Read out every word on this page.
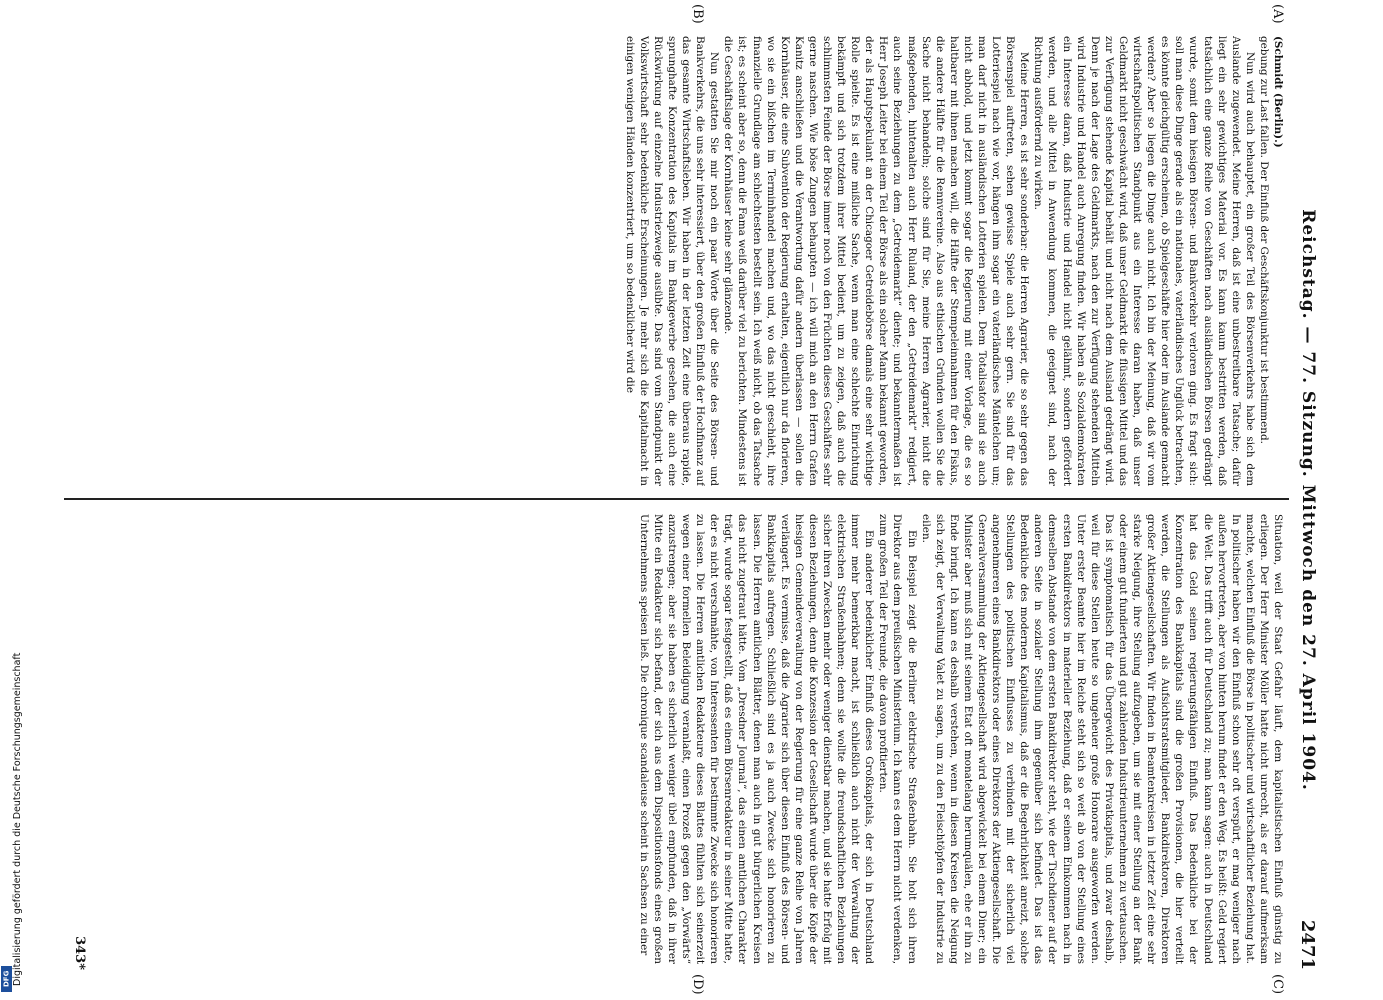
Digitalisierung gefördert durch die Deutsche Forschungsgemeinschaft
DFG
Reichstag. — 77. Sitzung. Mittwoch den 27. April 1904.
2471
(A)
(B)
(C)
(D)

(Schmidt (Berlin).)

gebung zur Last fallen. Der Einfluß der Geschäftskonjunktur ist bestimmend.

Nun wird auch behauptet, ein großer Teil des Börsenverkehrs habe sich dem Auslande zugewendet. Meine Herren, daß ist eine unbestreitbare Tatsache; dafür liegt ein sehr gewichtiges Material vor. Es kann kaum bestritten werden, daß tatsächlich eine ganze Reihe von Geschäften nach ausländischen Börsen gedrängt wurde, somit dem hiesigen Börsen- und Bankverkehr verloren ging. Es fragt sich: soll man diese Dinge gerade als ein nationales, vaterländisches Unglück betrachten, es könnte gleichgültig erscheinen, ob Spielgeschäfte hier oder im Auslande gemacht werden? Aber so liegen die Dinge auch nicht. Ich bin der Meinung, daß wir vom wirtschaftspolitischen Standpunkt aus ein Interesse daran haben, daß unser Geldmarkt nicht geschwächt wird, daß unser Geldmarkt die flüssigen Mittel und das zur Verfügung stehende Kapital behält und nicht nach dem Ausland gedrängt wird. Denn je nach der Lage des Geldmarkts, nach den zur Verfügung stehenden Mitteln wird Industrie und Handel auch Anregung finden. Wir haben als Sozialdemokraten ein Interesse daran, daß Industrie und Handel nicht gelähmt, sondern gefördert werden, und alle Mittel in Anwendung kommen, die geeignet sind, nach der Richtung ausfördernd zu wirken.

Meine Herren, es ist sehr sonderbar: die Herren Agrarier, die so sehr gegen das Börsenspiel auftreten, sehen gewisse Spiele auch sehr gern. Sie sind für das Lotteriespiel nach wie vor, hängen ihm sogar ein vaterländisches Mäntelchen um; man darf nicht in ausländischen Lotterien spielen. Dem Totalisator sind sie auch nicht abhold, und jetzt kommt sogar die Regierung mit einer Vorlage, die es so haltbarer mit ihnen machen will, die Hälfte der Stempeleinnahmen für den Fiskus, die andere Hälfte für die Rennvereine. Also aus ethischen Gründen wollen Sie die Sache nicht behandeln; solche sind für Sie, meine Herren Agrarier, nicht die maßgebenden, hintenalten auch Herr Ruland, der den „Getreidemarkt“ redigiert, auch seine Beziehungen zu dem „Getreidemarkt“ diente; und bekanntermaßen ist Herr Joseph Leiter bei einem Teil der Börse als ein solcher Mann bekannt geworden, der als Hauptspekulant an der Chicagoer Getreidebörse damals eine sehr wichtige Rolle spielte. Es ist eine mißliche Sache, wenn man eine schlechte Einrichtung bekämpft und sich trotzdem ihrer Mittel bedient, um zu zeigen, daß auch die schlimmsten Feinde der Börse immer noch von den Früchten dieses Geschäftes sehr gerne naschen. Wie böse Zungen behaupten — ich will mich an den Herrn Grafen Kanitz anschließen und die Verantwortung dafür andern überlassen — sollen die Kornhäuser, die eine Subvention der Regierung erhalten, eigentlich nur da florieren, wo sie ein bißchen im Terminhandel machen und, wo das nicht geschieht, ihre finanzielle Grundlage am schlechtesten bestellt sein. Ich weiß nicht, ob das Tatsache ist; es scheint aber so, denn die Fama weiß darüber viel zu berichten. Mindestens ist die Geschäftslage der Kornhäuser keine sehr glänzende.

Nun gestatten Sie mir noch ein paar Worte über die Seite des Börsen- und Bankverkehrs, die uns sehr interessiert, über den großen Einfluß der Hochfinanz auf das gesamte Wirtschaftsleben. Wir haben in der letzten Zeit eine überaus rapide, sprunghafte Konzentration des Kapitals im Bankgewerbe gesehen, die auch eine Rückwirkung auf einzelne Industriezweige ausübte. Das sind vom Standpunkt der Volkswirtschaft sehr bedenkliche Erscheinungen. Je mehr sich die Kapitalmacht in einigen wenigen Händen konzentriert, um so bedenklicher wird die

Situation, weil der Staat Gefahr läuft, dem kapitalistischen Einfluß günstig zu erliegen. Der Herr Minister Möller hatte nicht unrecht, als er darauf aufmerksam machte, welchen Einfluß die Börse in politischer und wirtschaftlicher Beziehung hat. In politischer haben wir den Einfluß schon sehr oft verspürt, er mag weniger nach außen hervortreten, aber von hinten herum findet er den Weg. Es heißt: Geld regiert die Welt. Das trifft auch für Deutschland zu; man kann sagen: auch in Deutschland hat das Geld seinen regierungsfähigen Einfluß. Das Bedenkliche bei der Konzentration des Bankkapitals sind die großen Provisionen, die hier verteilt werden, die Stellungen als Aufsichtsratsmitglieder, Bankdirektoren, Direktoren großer Aktiengesellschaften. Wir finden in Beamtenkreisen in letzter Zeit eine sehr starke Neigung, ihre Stellung aufzugeben, um sie mit einer Stellung an der Bank oder einem gut fundierten und gut zahlenden Industrieunternehmen zu vertauschen. Das ist symptomatisch für das Übergewicht des Privatkapitals, und zwar deshalb, weil für diese Stellen heute so ungeheuer große Honorare ausgeworfen werden. Unter erster Beamte hier im Reiche steht sich so weit ab von der Stellung eines ersten Bankdirektors in materieller Beziehung, daß er seinem Einkommen nach in demselben Abstande von dem ersten Bankdirektor steht, wie der Tischdiener auf der anderen Seite in sozialer Stellung ihm gegenüber sich befindet. Das ist das Bedenkliche des modernen Kapitalismus, daß er die Begehrlichkeit anreizt, solche Stellungen des politischen Einflusses zu verbinden mit der sicherlich viel angenehmeren eines Bankdirektors oder eines Direktors der Aktiengesellschaft. Die Generalversammlung der Aktiengesellschaft wird abgewickelt bei einem Diner; ein Minister aber muß sich mit seinem Etat oft monatelang herumquälen, ehe er ihn zu Ende bringt. Ich kann es deshalb verstehen, wenn in diesen Kreisen die Neigung sich zeigt, der Verwaltung Valet zu sagen, um zu den Fleischtöpfen der Industrie zu eilen.

Ein Beispiel zeigt die Berliner elektrische Straßenbahn. Sie holt sich ihren Direktor aus dem preußischen Ministerium. Ich kann es dem Herrn nicht verdenken, zum großen Teil der Freunde, die davon profitierten.

Ein anderer bedenklicher Einfluß dieses Großkapitals, der sich in Deutschland immer mehr bemerkbar macht, ist schließlich auch nicht der Verwaltung der elektrischen Straßenbahnen; denn sie wollte die freundschaftlichen Beziehungen sicher ihren Zwecken mehr oder weniger dienstbar machen, und sie hatte Erfolg mit diesen Beziehungen, denn die Konzession der Gesellschaft wurde über die Köpfe der hiesigen Gemeindeverwaltung von der Regierung für eine ganze Reihe von Jahren verlängert. Es vermisse, daß die Agrarier sich über diesen Einfluß des Börsen- und Bankkapitals aufregen. Schließlich sind es ja auch Zwecke sich honorieren zu lassen. Die Herren amtlichen Blätter, denen man auch in gut bürgerlichen Kreisen das nicht zugetraut hätte. Vom „Dresdner Journal“, das einen amtlichen Charakter trägt, wurde sogar festgestellt, daß es einem Börsenredakteur in seiner Mitte hatte, der es nicht verschmähte, von Interessenten für bestimmte Zwecke sich honorieren zu lassen. Die Herren amtlichen Redakteure dieses Blattes fühlten sich seinerzeit wegen einer formellen Beleidigung veranlaßt, einen Prozeß gegen den „Vorwärts“ anzustrengen; aber sie haben es sicherlich weniger übel empfunden, daß in ihrer Mitte ein Redakteur sich befand, der sich aus dem Dispositionsfonds eines großen Unternehmens speisen ließ. Die chronique scandaleuse scheint in Sachsen zu einer

343*
